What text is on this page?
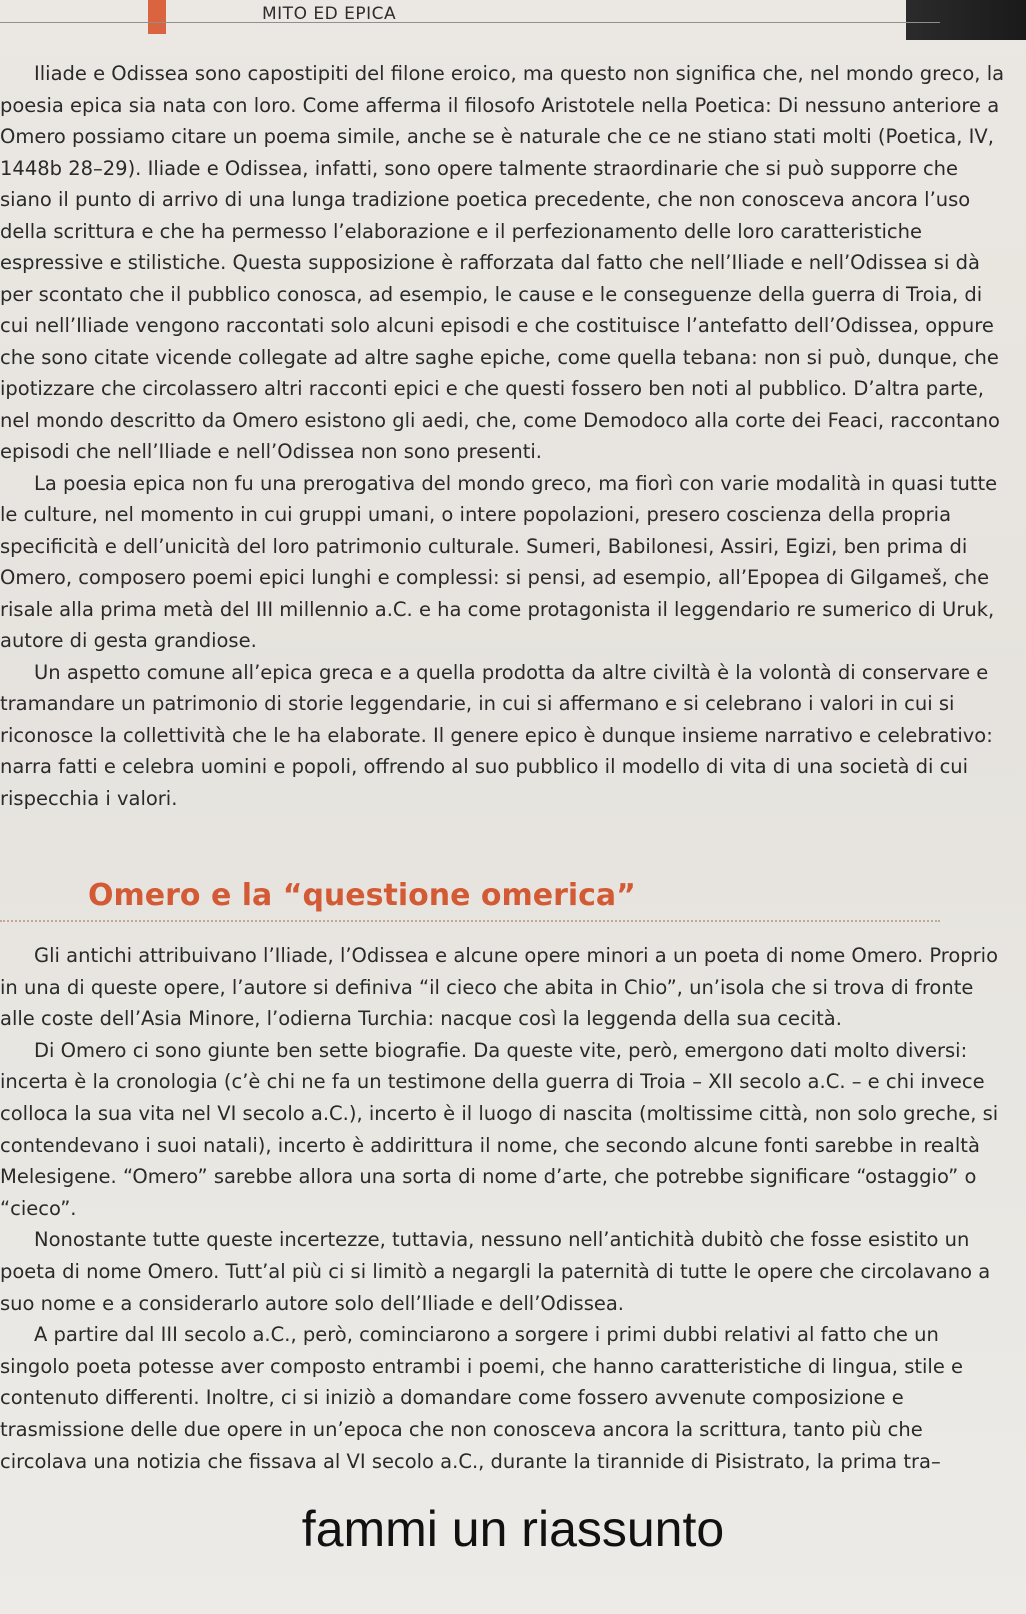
MITO ED EPICA

Iliade e Odissea sono capostipiti del filone eroico, ma questo non significa che, nel mondo greco, la poesia epica sia nata con loro. Come afferma il filosofo Aristotele nella Poetica: Di nessuno anteriore a Omero possiamo citare un poema simile, anche se è naturale che ce ne stiano stati molti (Poetica, IV, 1448b 28–29). Iliade e Odissea, infatti, sono opere talmente straordinarie che si può supporre che siano il punto di arrivo di una lunga tradizione poetica precedente, che non conosceva ancora l’uso della scrittura e che ha permesso l’elaborazione e il perfezionamento delle loro caratteristiche espressive e stilistiche. Questa supposizione è rafforzata dal fatto che nell’Iliade e nell’Odissea si dà per scontato che il pubblico conosca, ad esempio, le cause e le conseguenze della guerra di Troia, di cui nell’Iliade vengono raccontati solo alcuni episodi e che costituisce l’antefatto dell’Odissea, oppure che sono citate vicende collegate ad altre saghe epiche, come quella tebana: non si può, dunque, che ipotizzare che circolassero altri racconti epici e che questi fossero ben noti al pubblico. D’altra parte, nel mondo descritto da Omero esistono gli aedi, che, come Demodoco alla corte dei Feaci, raccontano episodi che nell’Iliade e nell’Odissea non sono presenti.

La poesia epica non fu una prerogativa del mondo greco, ma fiorì con varie modalità in quasi tutte le culture, nel momento in cui gruppi umani, o intere popolazioni, presero coscienza della propria specificità e dell’unicità del loro patrimonio culturale. Sumeri, Babilonesi, Assiri, Egizi, ben prima di Omero, composero poemi epici lunghi e complessi: si pensi, ad esempio, all’Epopea di Gilgameš, che risale alla prima metà del III millennio a.C. e ha come protagonista il leggendario re sumerico di Uruk, autore di gesta grandiose.

Un aspetto comune all’epica greca e a quella prodotta da altre civiltà è la volontà di conservare e tramandare un patrimonio di storie leggendarie, in cui si affermano e si celebrano i valori in cui si riconosce la collettività che le ha elaborate. Il genere epico è dunque insieme narrativo e celebrativo: narra fatti e celebra uomini e popoli, offrendo al suo pubblico il modello di vita di una società di cui rispecchia i valori.

Omero e la “questione omerica”

Gli antichi attribuivano l’Iliade, l’Odissea e alcune opere minori a un poeta di nome Omero. Proprio in una di queste opere, l’autore si definiva “il cieco che abita in Chio”, un’isola che si trova di fronte alle coste dell’Asia Minore, l’odierna Turchia: nacque così la leggenda della sua cecità.

Di Omero ci sono giunte ben sette biografie. Da queste vite, però, emergono dati molto diversi: incerta è la cronologia (c’è chi ne fa un testimone della guerra di Troia – XII secolo a.C. – e chi invece colloca la sua vita nel VI secolo a.C.), incerto è il luogo di nascita (moltissime città, non solo greche, si contendevano i suoi natali), incerto è addirittura il nome, che secondo alcune fonti sarebbe in realtà Melesigene. “Omero” sarebbe allora una sorta di nome d’arte, che potrebbe significare “ostaggio” o “cieco”.

Nonostante tutte queste incertezze, tuttavia, nessuno nell’antichità dubitò che fosse esistito un poeta di nome Omero. Tutt’al più ci si limitò a negargli la paternità di tutte le opere che circolavano a suo nome e a considerarlo autore solo dell’Iliade e dell’Odissea.

A partire dal III secolo a.C., però, cominciarono a sorgere i primi dubbi relativi al fatto che un singolo poeta potesse aver composto entrambi i poemi, che hanno caratteristiche di lingua, stile e contenuto differenti. Inoltre, ci si iniziò a domandare come fossero avvenute composizione e trasmissione delle due opere in un’epoca che non conosceva ancora la scrittura, tanto più che circolava una notizia che fissava al VI secolo a.C., durante la tirannide di Pisistrato, la prima tra–

fammi un riassunto
